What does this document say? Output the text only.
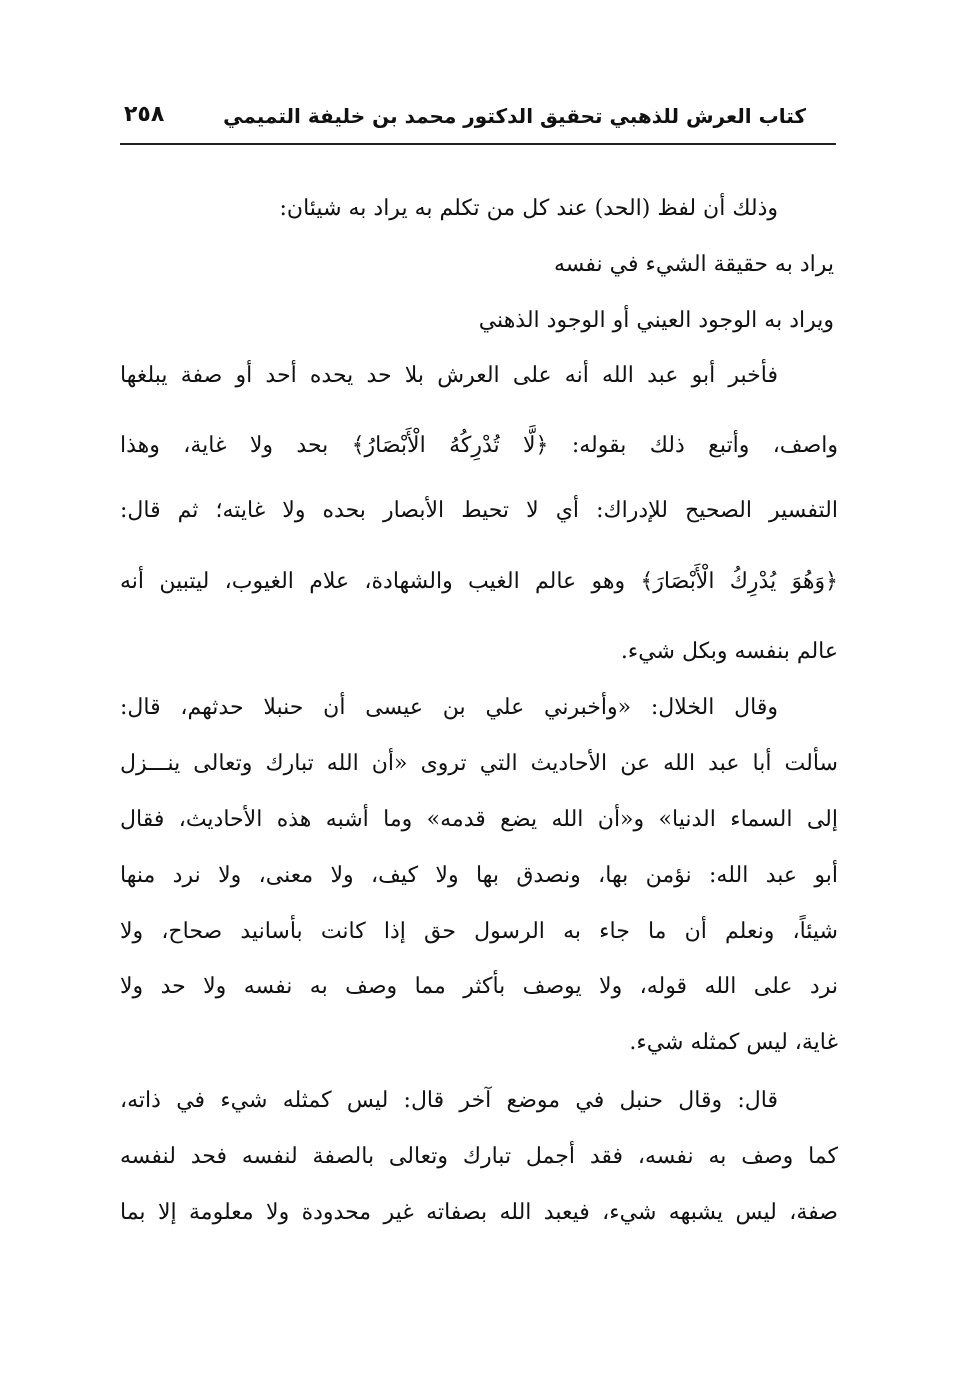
كتاب العرش للذهبي تحقيق الدكتور محمد بن خليفة التميمي
٢٥٨
وذلك أن لفظ (الحد) عند كل من تكلم به يراد به شيئان:
يراد به حقيقة الشيء في نفسه
ويراد به الوجود العيني أو الوجود الذهني
فأخبر أبو عبد الله أنه على العرش بلا حد يحده أحد أو صفة يبلغها
واصف، وأتبع ذلك بقوله: ﴿لَّا تُدْرِكُهُ الْأَبْصَارُ﴾ بحد ولا غاية، وهذا
التفسير الصحيح للإدراك: أي لا تحيط الأبصار بحده ولا غايته؛ ثم قال:
﴿وَهُوَ يُدْرِكُ الْأَبْصَارَ﴾ وهو عالم الغيب والشهادة، علام الغيوب، ليتبين أنه
عالم بنفسه وبكل شيء.
وقال الخلال: «وأخبرني علي بن عيسى أن حنبلا حدثهم، قال:
سألت أبا عبد الله عن الأحاديث التي تروى «أن الله تبارك وتعالى ينـــزل
إلى السماء الدنيا» و«أن الله يضع قدمه» وما أشبه هذه الأحاديث، فقال
أبو عبد الله: نؤمن بها، ونصدق بها ولا كيف، ولا معنى، ولا نرد منها
شيئاً، ونعلم أن ما جاء به الرسول حق إذا كانت بأسانيد صحاح، ولا
نرد على الله قوله، ولا يوصف بأكثر مما وصف به نفسه ولا حد ولا
غاية، ليس كمثله شيء.
قال: وقال حنبل في موضع آخر قال: ليس كمثله شيء في ذاته،
كما وصف به نفسه، فقد أجمل تبارك وتعالى بالصفة لنفسه فحد لنفسه
صفة، ليس يشبهه شيء، فيعبد الله بصفاته غير محدودة ولا معلومة إلا بما
